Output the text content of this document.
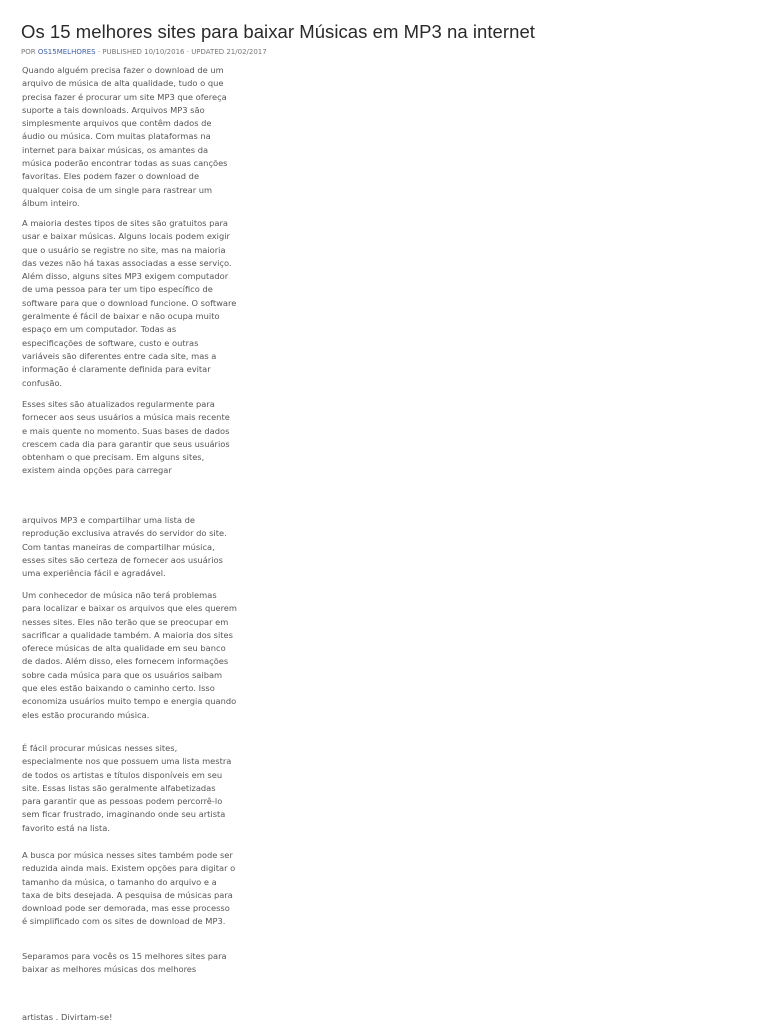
Os 15 melhores sites para baixar Músicas em MP3 na internet
POR OS15MELHORES · PUBLISHED 10/10/2016 · UPDATED 21/02/2017

Quando alguém precisa fazer o download de um arquivo de música de alta qualidade, tudo o que precisa fazer é procurar um site MP3 que ofereça suporte a tais downloads. Arquivos MP3 são simplesmente arquivos que contêm dados de áudio ou música. Com muitas plataformas na internet para baixar músicas, os amantes da música poderão encontrar todas as suas canções favoritas. Eles podem fazer o download de qualquer coisa de um single para rastrear um álbum inteiro.

A maioria destes tipos de sites são gratuitos para usar e baixar músicas. Alguns locais podem exigir que o usuário se registre no site, mas na maioria das vezes não há taxas associadas a esse serviço. Além disso, alguns sites MP3 exigem computador de uma pessoa para ter um tipo específico de software para que o download funcione. O software geralmente é fácil de baixar e não ocupa muito espaço em um computador. Todas as especificações de software, custo e outras variáveis são diferentes entre cada site, mas a informação é claramente definida para evitar confusão.

Esses sites são atualizados regularmente para fornecer aos seus usuários a música mais recente e mais quente no momento. Suas bases de dados crescem cada dia para garantir que seus usuários obtenham o que precisam. Em alguns sites, existem ainda opções para carregar

arquivos MP3 e compartilhar uma lista de reprodução exclusiva através do servidor do site. Com tantas maneiras de compartilhar música, esses sites são certeza de fornecer aos usuários uma experiência fácil e agradável.

Um conhecedor de música não terá problemas para localizar e baixar os arquivos que eles querem nesses sites. Eles não terão que se preocupar em sacrificar a qualidade também. A maioria dos sites oferece músicas de alta qualidade em seu banco de dados. Além disso, eles fornecem informações sobre cada música para que os usuários saibam que eles estão baixando o caminho certo. Isso economiza usuários muito tempo e energia quando eles estão procurando música.

É fácil procurar músicas nesses sites, especialmente nos que possuem uma lista mestra de todos os artistas e títulos disponíveis em seu site. Essas listas são geralmente alfabetizadas para garantir que as pessoas podem percorrê-lo sem ficar frustrado, imaginando onde seu artista favorito está na lista.

A busca por música nesses sites também pode ser reduzida ainda mais. Existem opções para digitar o tamanho da música, o tamanho do arquivo e a taxa de bits desejada. A pesquisa de músicas para download pode ser demorada, mas esse processo é simplificado com os sites de download de MP3.

Separamos para vocês os 15 melhores sites para baixar as melhores músicas dos melhores

artistas . Divirtam-se!
